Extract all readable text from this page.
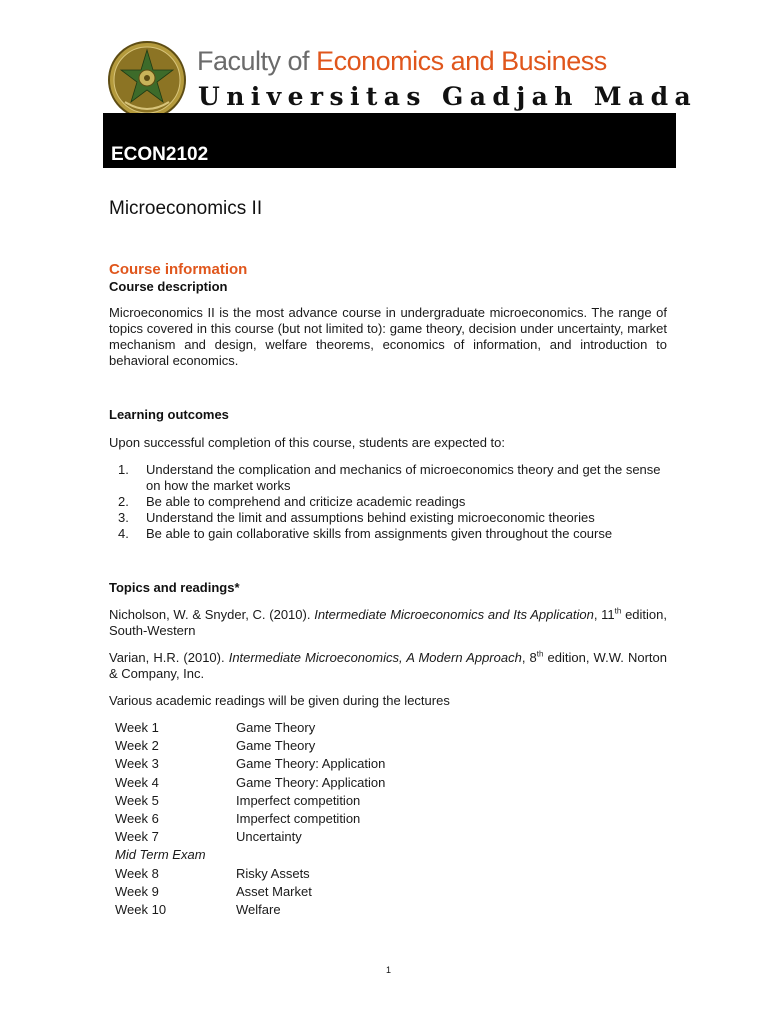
Faculty of Economics and Business
Universitas Gadjah Mada
ECON2102
Microeconomics II
Course information
Course description
Microeconomics II is the most advance course in undergraduate microeconomics. The range of topics covered in this course (but not limited to): game theory, decision under uncertainty, market mechanism and design, welfare theorems, economics of information, and introduction to behavioral economics.
Learning outcomes
Upon successful completion of this course, students are expected to:
1. Understand the complication and mechanics of microeconomics theory and get the sense on how the market works
2. Be able to comprehend and criticize academic readings
3. Understand the limit and assumptions behind existing microeconomic theories
4. Be able to gain collaborative skills from assignments given throughout the course
Topics and readings*
Nicholson, W. & Snyder, C. (2010). Intermediate Microeconomics and Its Application, 11th edition, South-Western
Varian, H.R. (2010). Intermediate Microeconomics, A Modern Approach, 8th edition, W.W. Norton & Company, Inc.
Various academic readings will be given during the lectures
Week 1	Game Theory
Week 2	Game Theory
Week 3	Game Theory: Application
Week 4	Game Theory: Application
Week 5	Imperfect competition
Week 6	Imperfect competition
Week 7	Uncertainty
Mid Term Exam	
Week 8	Risky Assets
Week 9	Asset Market
Week 10	Welfare
1
